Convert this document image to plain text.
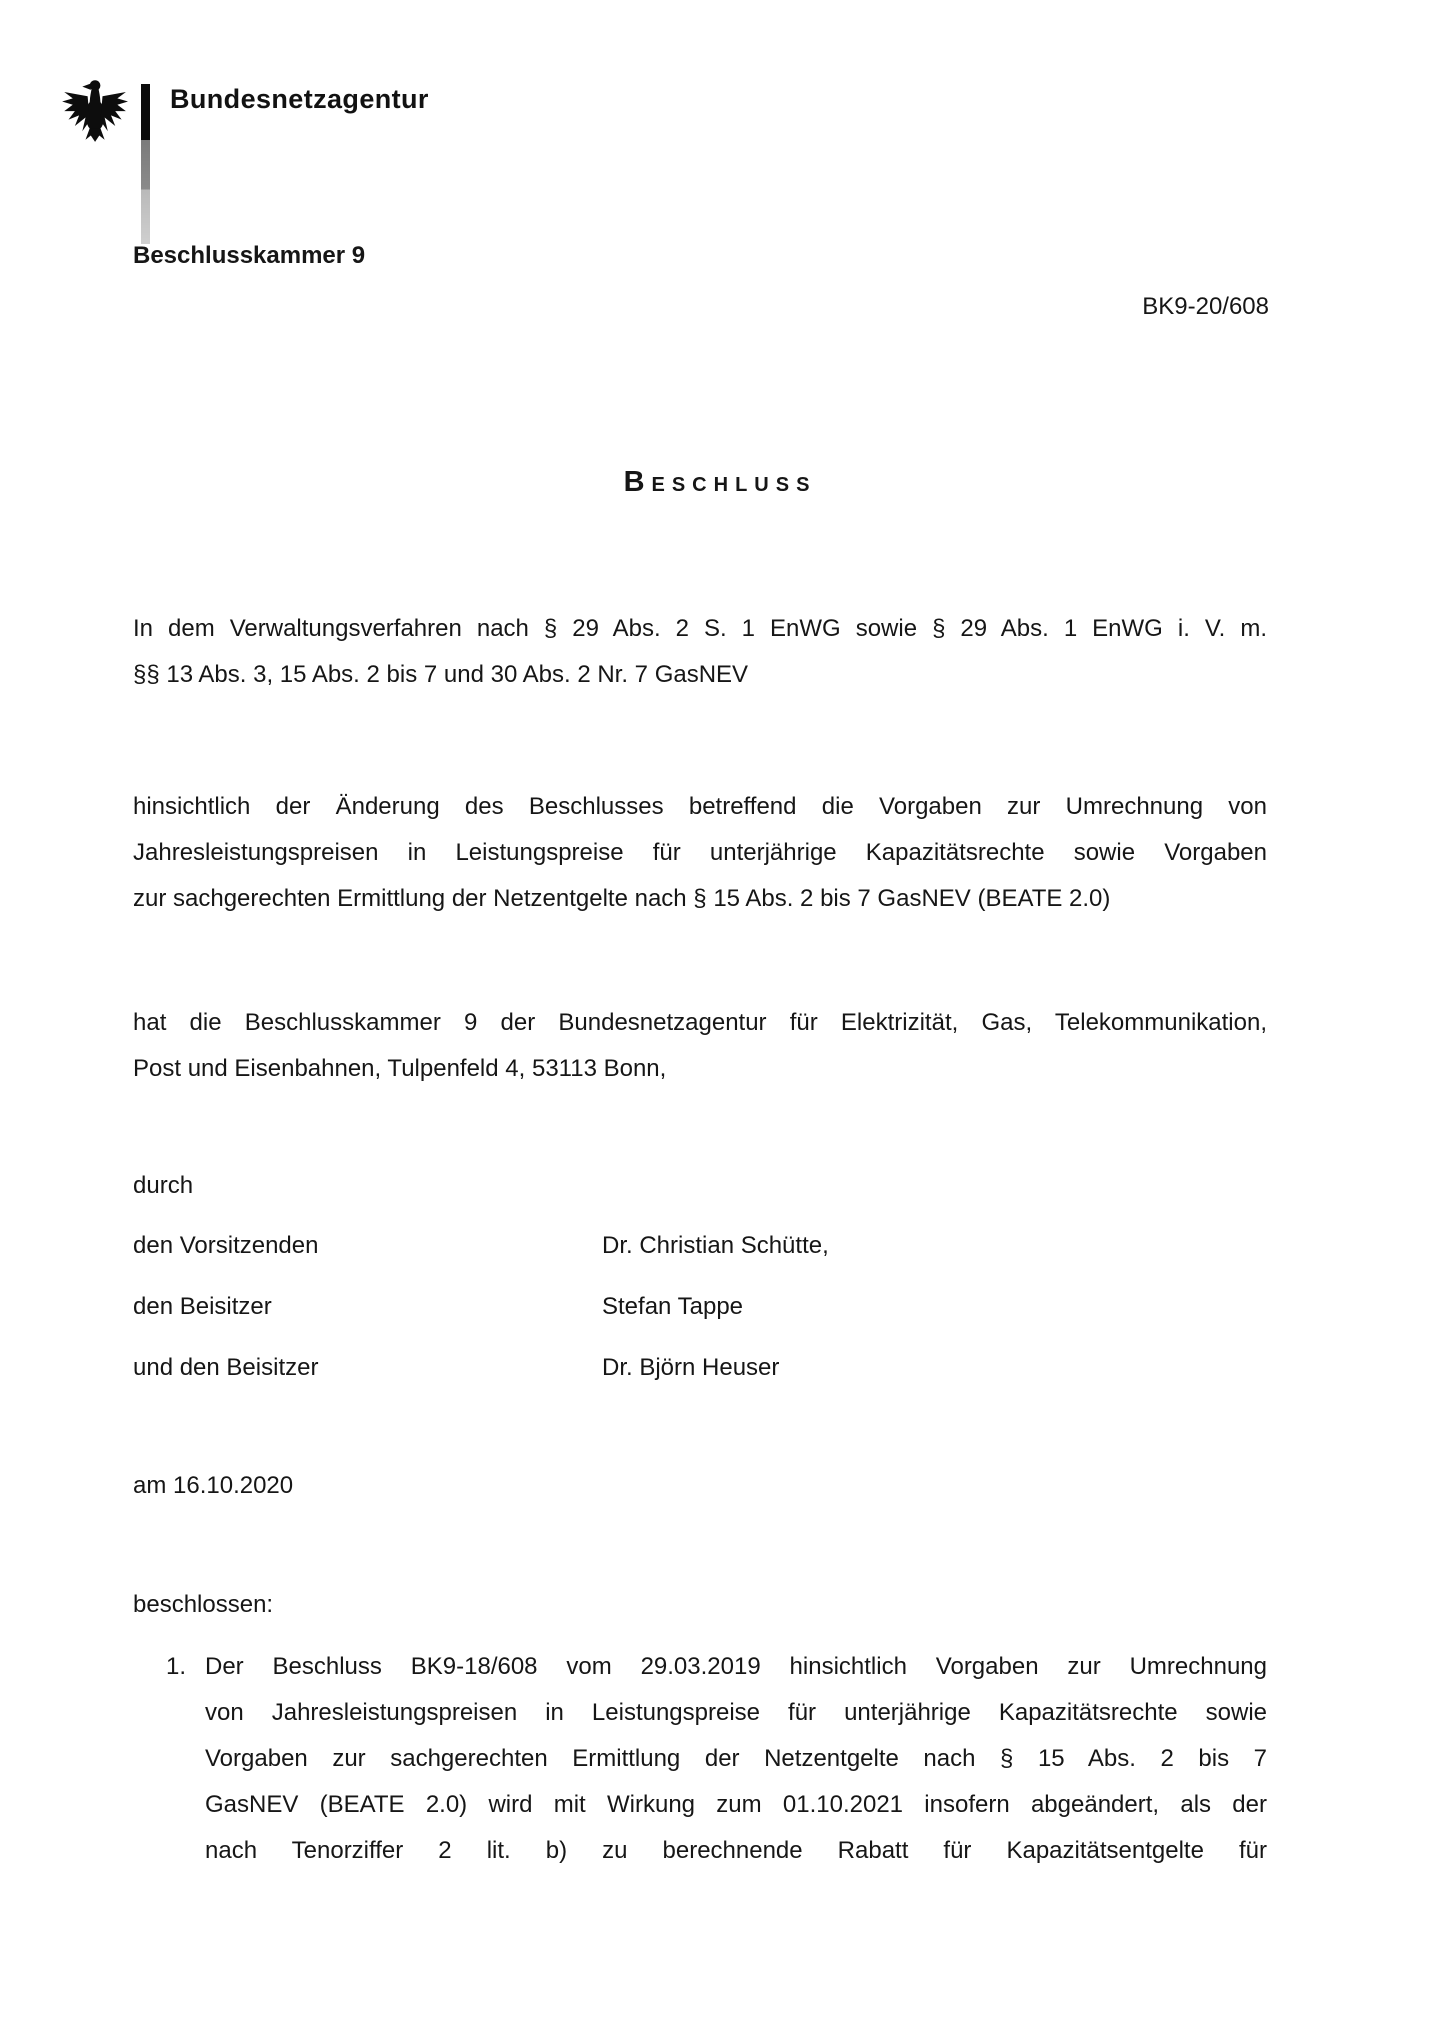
Bundesnetzagentur
Beschlusskammer 9
BK9-20/608
Beschluss
In dem Verwaltungsverfahren nach § 29 Abs. 2 S. 1 EnWG sowie § 29 Abs. 1 EnWG i. V. m.
§§ 13 Abs. 3, 15 Abs. 2 bis 7 und 30 Abs. 2 Nr. 7 GasNEV
hinsichtlich der Änderung des Beschlusses betreffend die Vorgaben zur Umrechnung von
Jahresleistungspreisen in Leistungspreise für unterjährige Kapazitätsrechte sowie Vorgaben
zur sachgerechten Ermittlung der Netzentgelte nach § 15 Abs. 2 bis 7 GasNEV (BEATE 2.0)
hat die Beschlusskammer 9 der Bundesnetzagentur für Elektrizität, Gas, Telekommunikation,
Post und Eisenbahnen, Tulpenfeld 4, 53113 Bonn,
durch
den Vorsitzenden	Dr. Christian Schütte,
den Beisitzer	Stefan Tappe
und den Beisitzer	Dr. Björn Heuser
am 16.10.2020
beschlossen:
1. Der Beschluss BK9-18/608 vom 29.03.2019 hinsichtlich Vorgaben zur Umrechnung
von Jahresleistungspreisen in Leistungspreise für unterjährige Kapazitätsrechte sowie
Vorgaben zur sachgerechten Ermittlung der Netzentgelte nach § 15 Abs. 2 bis 7
GasNEV (BEATE 2.0) wird mit Wirkung zum 01.10.2021 insofern abgeändert, als der
nach Tenorziffer 2 lit. b) zu berechnende Rabatt für Kapazitätsentgelte für
